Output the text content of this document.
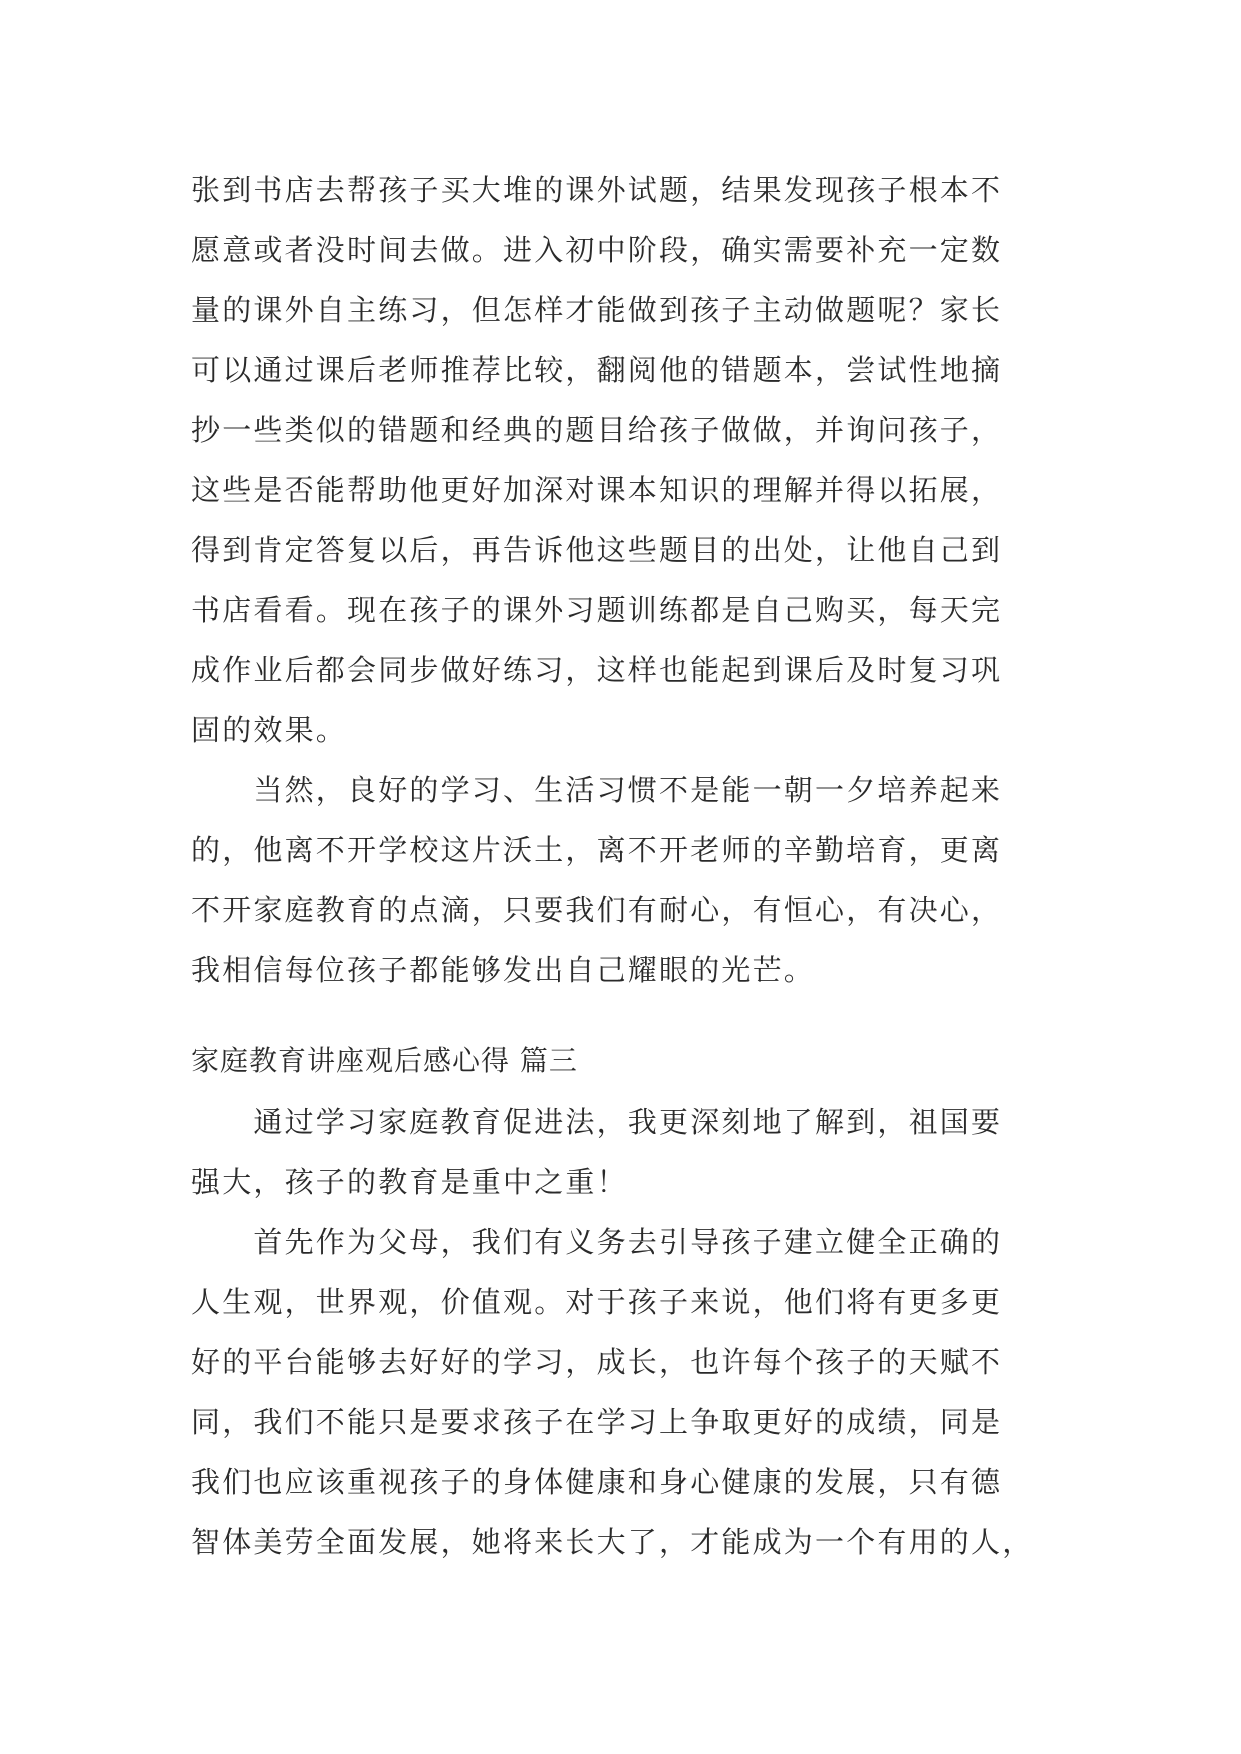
张到书店去帮孩子买大堆的课外试题，结果发现孩子根本不
愿意或者没时间去做。进入初中阶段，确实需要补充一定数
量的课外自主练习，但怎样才能做到孩子主动做题呢？家长
可以通过课后老师推荐比较，翻阅他的错题本，尝试性地摘
抄一些类似的错题和经典的题目给孩子做做，并询问孩子，
这些是否能帮助他更好加深对课本知识的理解并得以拓展，
得到肯定答复以后，再告诉他这些题目的出处，让他自己到
书店看看。现在孩子的课外习题训练都是自己购买，每天完
成作业后都会同步做好练习，这样也能起到课后及时复习巩
固的效果。
　　当然，良好的学习、生活习惯不是能一朝一夕培养起来
的，他离不开学校这片沃土，离不开老师的辛勤培育，更离
不开家庭教育的点滴，只要我们有耐心，有恒心，有决心，
我相信每位孩子都能够发出自己耀眼的光芒。
家庭教育讲座观后感心得 篇三
　　通过学习家庭教育促进法，我更深刻地了解到，祖国要
强大，孩子的教育是重中之重！
　　首先作为父母，我们有义务去引导孩子建立健全正确的
人生观，世界观，价值观。对于孩子来说，他们将有更多更
好的平台能够去好好的学习，成长，也许每个孩子的天赋不
同，我们不能只是要求孩子在学习上争取更好的成绩，同是
我们也应该重视孩子的身体健康和身心健康的发展，只有德
智体美劳全面发展，她将来长大了，才能成为一个有用的人，
